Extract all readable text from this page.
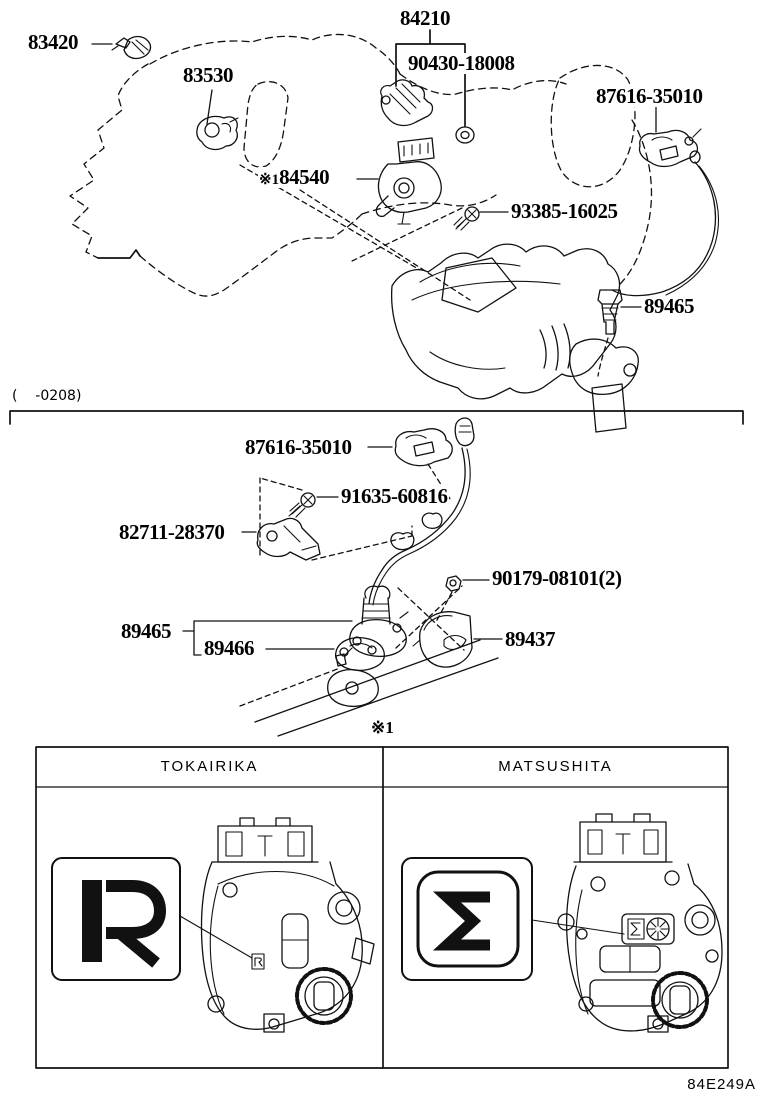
83420
83530
84210
90430-18008
87616-35010
※184540
93385-16025
89465
(    -0208)
87616-35010
91635-60816
82711-28370
90179-08101(2)
89465
89466	89437
※1
TOKAIRIKA	MATSUSHITA
84E249A
